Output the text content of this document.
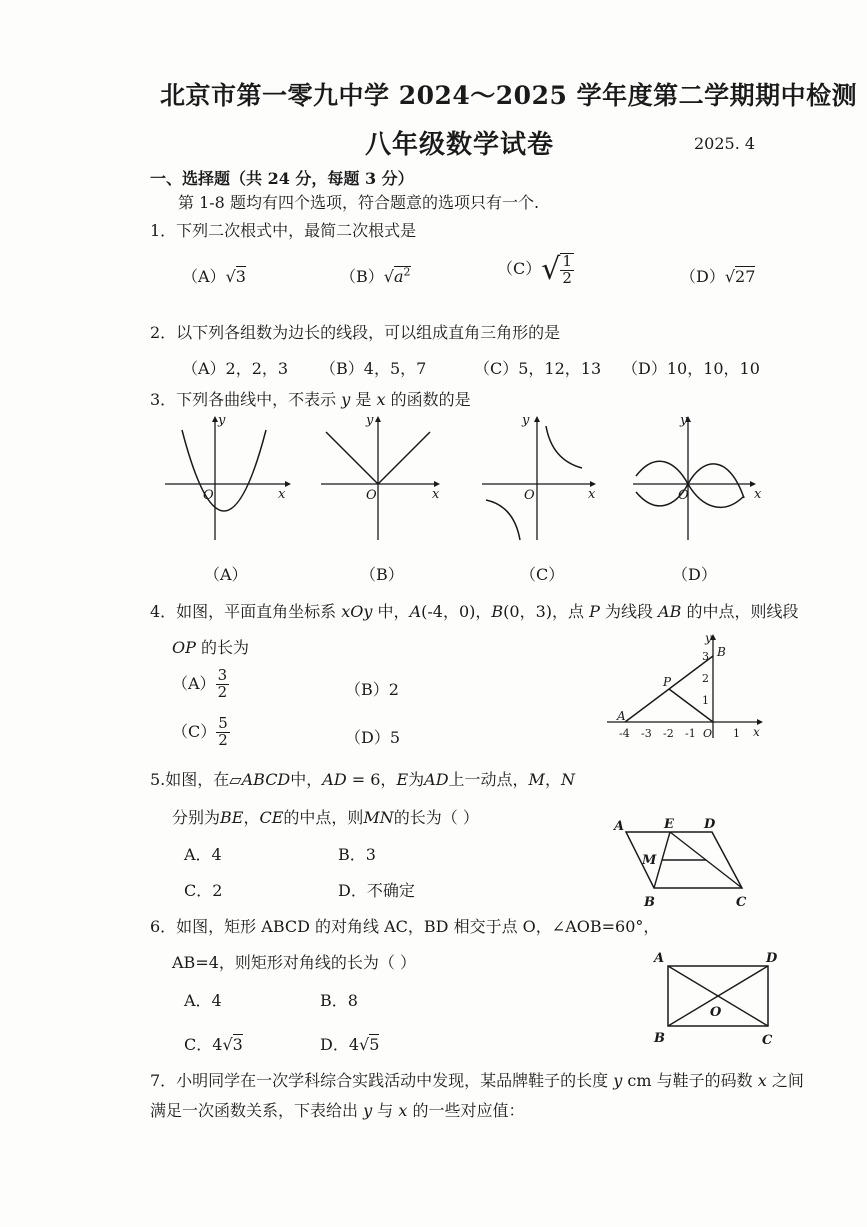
北京市第一零九中学 2024～2025 学年度第二学期期中检测
八年级数学试卷	2025. 4
一、选择题（共 24 分，每题 3 分）
第 1-8 题均有四个选项，符合题意的选项只有一个.
1．下列二次根式中，最简二次根式是
（A）√3	$(B)√a^2$	$(C)√ \frac{1}{2}$	（D）√27
2．以下列各组数为边长的线段，可以组成直角三角形的是
（A）2，2，3 （B）4，5，7	（C）5，12，13 （D）10，10，10
3．下列各曲线中，不表示 y 是 x 的函数的是
y
x
O
y
x
O
y
x
O
y
x
O
（A）	（B）	（C）	（D）
4．如图，平面直角坐标系 xOy 中，A(-4，0)，B(0，3)，点 P 为线段 AB 的中点，则线段
OP 的长为
$(A) \frac{3}{2}$	（B）2
$(C) \frac{5}{2}$	（D）5
A
B
P
y
x
-4 -3 -2 -1 O 1
1
2
3
5.如图，在▱ABCD中，AD = 6，E为AD上一动点，M，N
分别为BE，CE的中点，则MN的长为（ ）
A．4	B．3
C．2	D．不确定
A	E D
M
B	C
6．如图，矩形 ABCD 的对角线 AC，BD 相交于点 O，∠AOB=60°，
AB=4，则矩形对角线的长为（ ）
A．4	B．8
C．4√3	D．4√5
A	D
O
B	C
7．小明同学在一次学科综合实践活动中发现，某品牌鞋子的长度 y cm 与鞋子的码数 x 之间
满足一次函数关系，下表给出 y 与 x 的一些对应值：
